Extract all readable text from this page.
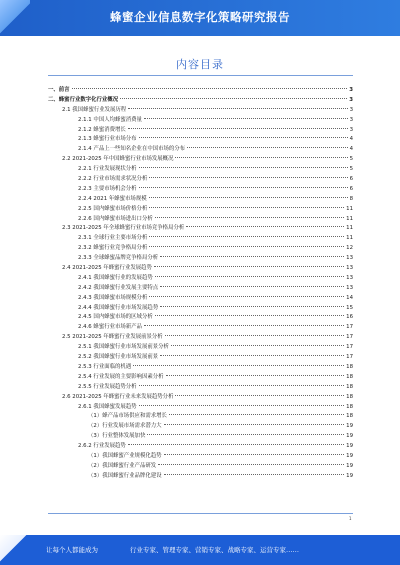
蜂蜜企业信息数字化策略研究报告
内容目录
一、前言	3
二、蜂蜜行业数字化行业概况	3
2.1 我国蜂蜜行业发展历程	3
2.1.1 中国人均蜂蜜消费量	3
2.1.2 蜂蜜消费增长	3
2.1.3 蜂蜜行业市场分布	4
2.1.4 产品上一些知名企业在中国市场的分布	4
2.2 2021-2025 年中国蜂蜜行业市场发展概况	5
2.2.1 行业发展现状分析	5
2.2.2 行业市场需求状况分析	6
2.2.3 主要市场机会分析	6
2.2.4 2021 年蜂蜜市场规模	8
2.2.5 国内蜂蜜市场价格分析	11
2.2.6 国内蜂蜜市场进出口分析	11
2.3 2021-2025 年全球蜂蜜行业市场竞争格局分析	11
2.3.1 全球行业主要市场分析	11
2.3.2 蜂蜜行业竞争格局分析	12
2.3.3 全球蜂蜜品牌竞争格局分析	13
2.4 2021-2025 年蜂蜜行业发展趋势	13
2.4.1 我国蜂蜜行业的发展趋势	13
2.4.2 我国蜂蜜行业发展主要特点	13
2.4.3 我国蜂蜜市场规模分析	14
2.4.4 我国蜂蜜行业市场发展趋势	15
2.4.5 国内蜂蜜市场的区域分析	16
2.4.6 蜂蜜行业市场新产品	17
2.5 2021-2025 年蜂蜜行业发展前景分析	17
2.5.1 我国蜂蜜行业市场发展前景分析	17
2.5.2 我国蜂蜜行业市场发展前景	17
2.5.3 行业面临的机遇	18
2.5.4 行业发展的主要影响因素分析	18
2.5.5 行业发展趋势分析	18
2.6 2021-2025 年蜂蜜行业未来发展趋势分析	18
2.6.1 我国蜂蜜发展趋势	18
（1）蜂产品市场供应和需求增长	18
（2）行业发展市场需求潜力大	19
（3）行业整体发展加快	19
2.6.2 行业发展趋势	19
（1）我国蜂蜜产业规模化趋势	19
（2）我国蜂蜜行业产品研发	19
（3）我国蜂蜜行业品牌化建设	19
1
让每个人都能成为	行业专家、管理专家、营销专家、战略专家、运营专家……
